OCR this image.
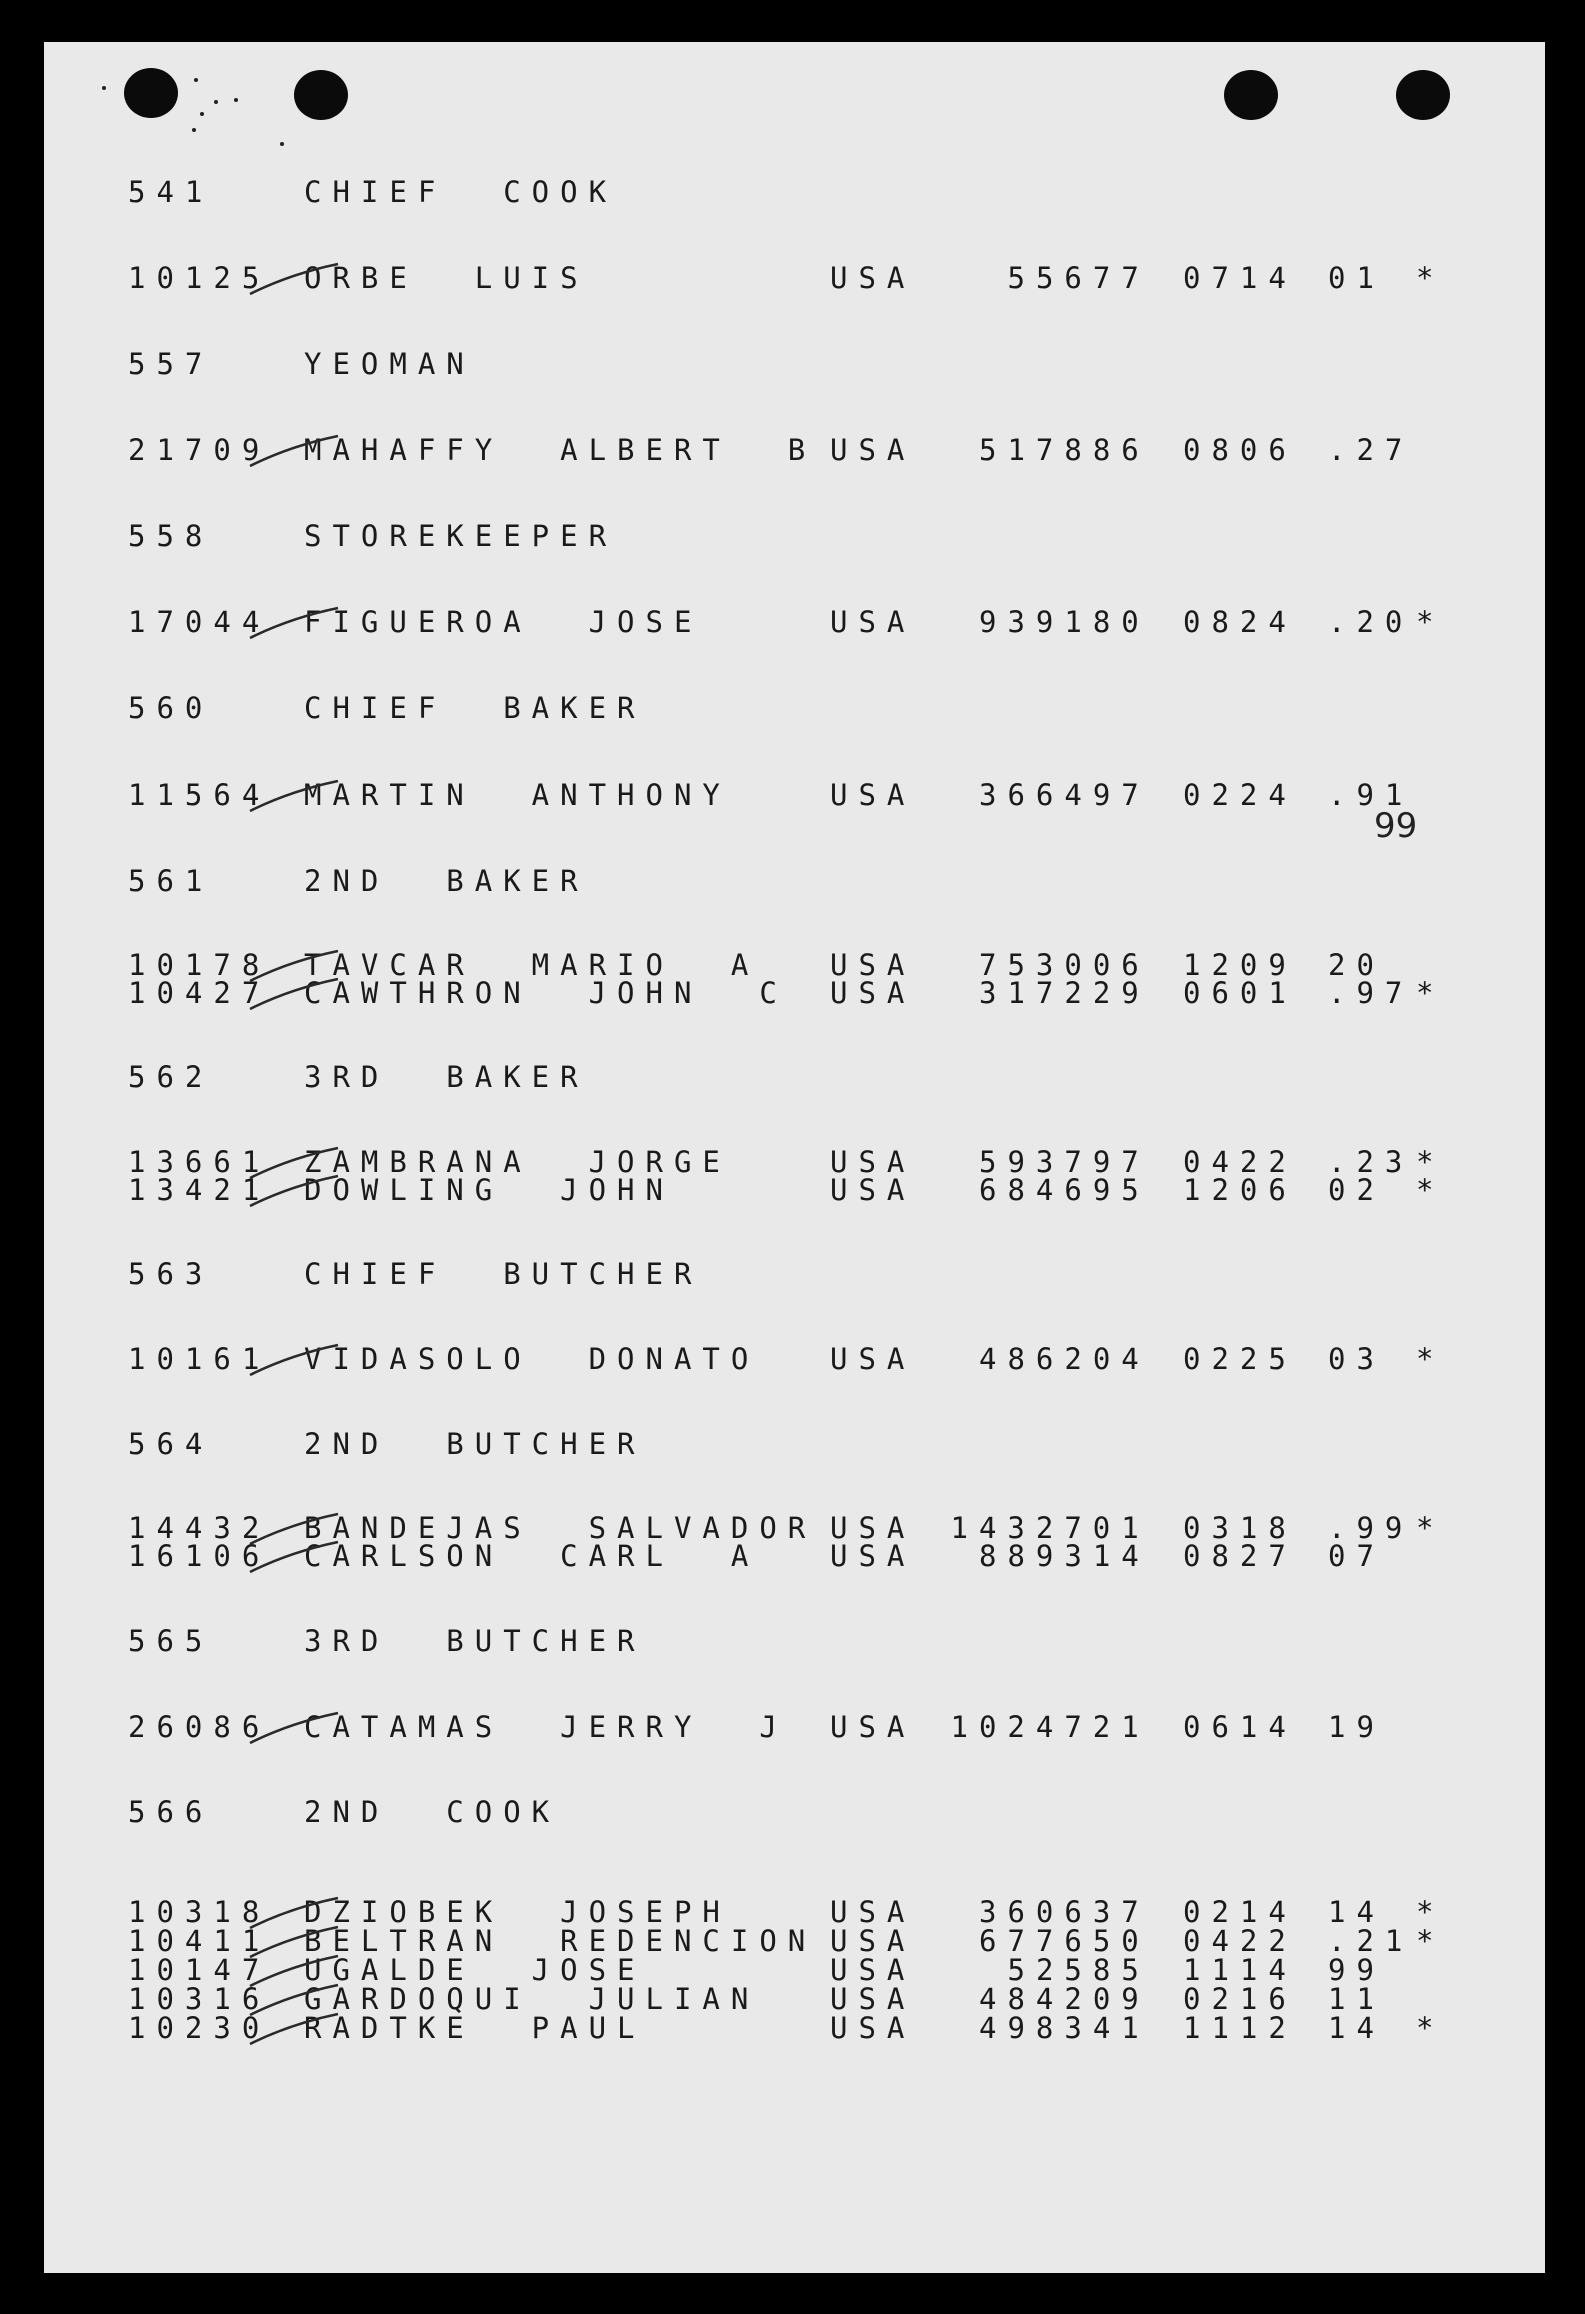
541	CHIEF  COOK
10125 ORBE  LUIS	USA	55677 0714 01 *
557	YEOMAN
21709 MAHAFFY  ALBERT  B USA 517886 0806 .27
558	STOREKEEPER
17044 FIGUEROA  JOSE	USA 939180 0824 .20 *
560	CHIEF  BAKER
11564 MARTIN  ANTHONY	USA 366497 0224 .91
561	2ND  BAKER
10178 TAVCAR  MARIO  A USA 753006 1209 20
10427 CAWTHRON  JOHN  C USA 317229 0601 .97 *
562	3RD  BAKER
13661 ZAMBRANA  JORGE	USA 593797 0422 .23 *
13421 DOWLING  JOHN	USA 684695 1206 02 *
563	CHIEF  BUTCHER
10161 VIDASOLO  DONATO USA 486204 0225 03 *
564	2ND  BUTCHER
14432 BANDEJAS  SALVADOR USA 1432701 0318 .99 *
16106 CARLSON  CARL  A USA 889314 0827 07
565	3RD  BUTCHER
26086 CATAMAS  JERRY  J USA 1024721 0614 19
566	2ND  COOK
10318 DZIOBEK  JOSEPH	USA 360637 0214 14 *
10411 BELTRAN  REDENCION USA 677650 0422 .21 *
10147 UGALDE  JOSE	USA	52585 1114 99
10316 GARDOQUI  JULIAN USA 484209 0216 11
10230 RADTKE  PAUL	USA 498341 1112 14 *
99
